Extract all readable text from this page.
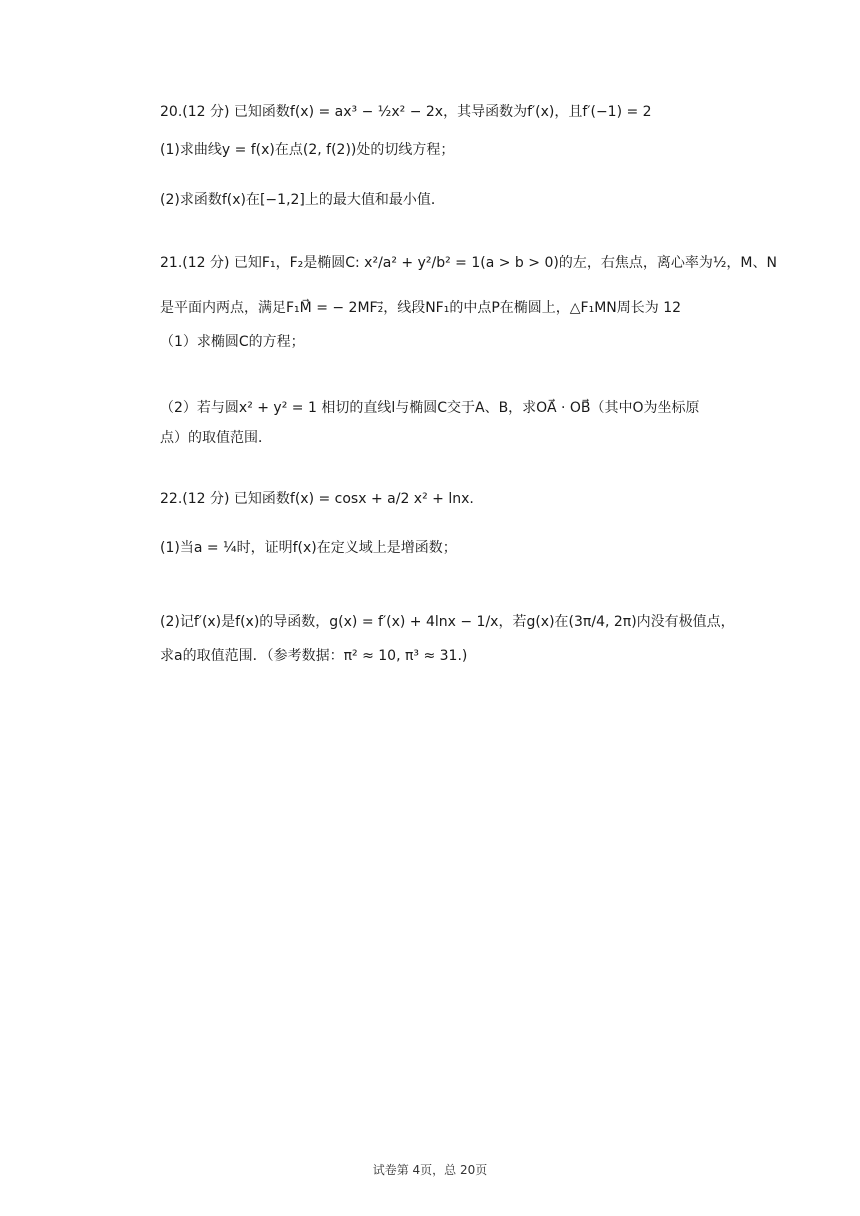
20.(12 分) 已知函数f(x) = ax³ − ½x² − 2x，其导函数为f′(x)，且f′(−1) = 2
(1)求曲线y = f(x)在点(2, f(2))处的切线方程；
(2)求函数f(x)在[−1,2]上的最大值和最小值．
21.(12 分) 已知F₁，F₂是椭圆C: x²/a² + y²/b² = 1(a > b > 0)的左，右焦点，离心率为½，M、N
是平面内两点，满足F₁M⃗ = − 2MF₂⃗，线段NF₁的中点P在椭圆上，△F₁MN周长为 12
（1）求椭圆C的方程；
（2）若与圆x² + y² = 1 相切的直线l与椭圆C交于A、B，求OA⃗ · OB⃗（其中O为坐标原
点）的取值范围．
22.(12 分) 已知函数f(x) = cosx + a/2 x² + lnx.
(1)当a = ¼时，证明f(x)在定义域上是增函数；
(2)记f′(x)是f(x)的导函数，g(x) = f′(x) + 4lnx − 1/x，若g(x)在(3π/4, 2π)内没有极值点，
求a的取值范围．（参考数据：π² ≈ 10, π³ ≈ 31.)
试卷第 4页，总 20页
